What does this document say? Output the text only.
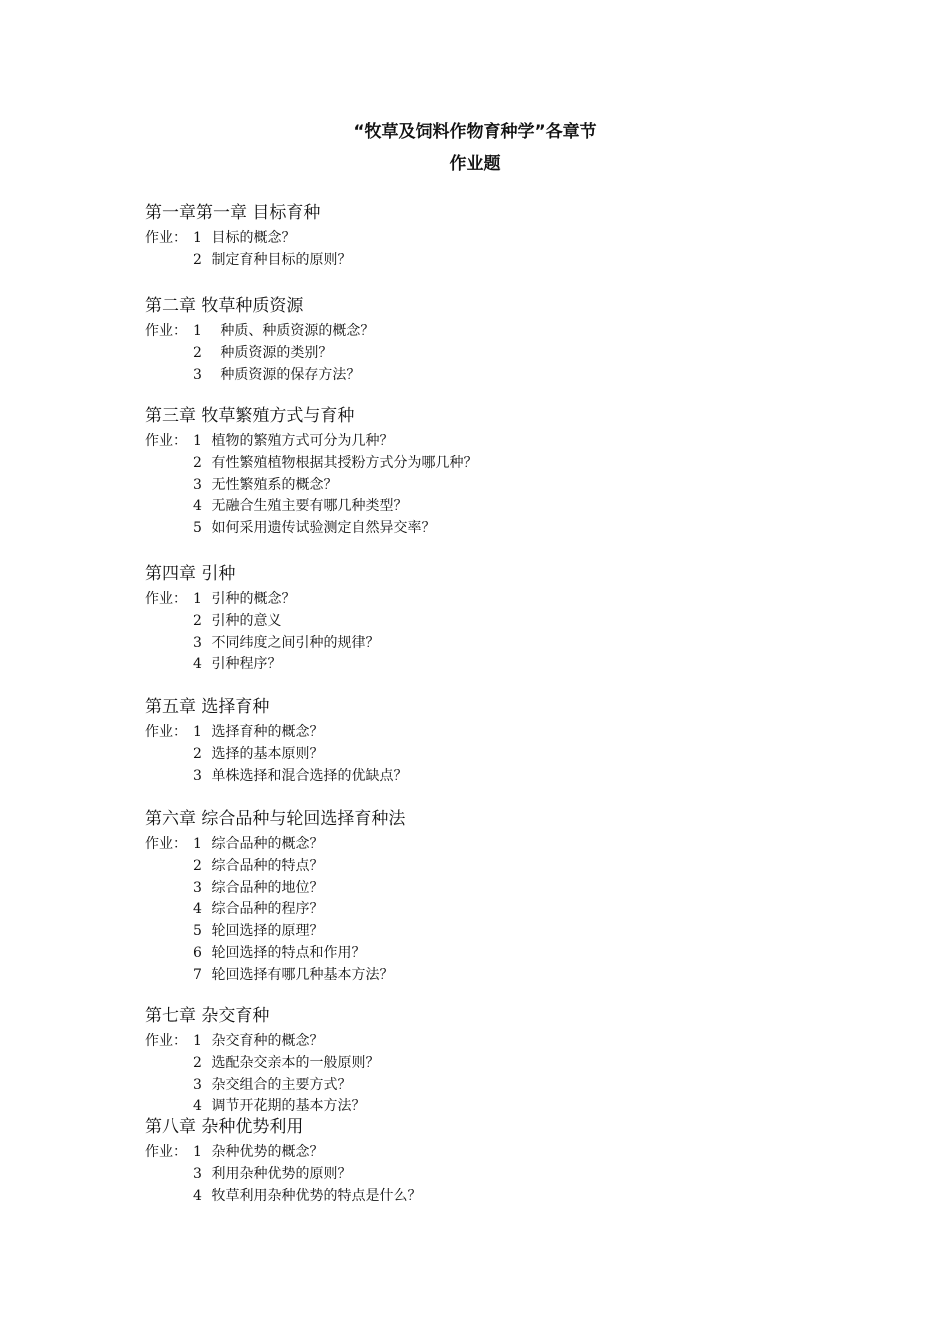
“牧草及饲料作物育种学”各章节
作业题
第一章第一章 目标育种
作业： 1 目标的概念？
2 制定育种目标的原则？
第二章 牧草种质资源
作业： 1   种质、种质资源的概念？
2   种质资源的类别？
3   种质资源的保存方法？
第三章 牧草繁殖方式与育种
作业： 1 植物的繁殖方式可分为几种？
2 有性繁殖植物根据其授粉方式分为哪几种？
3 无性繁殖系的概念？
4 无融合生殖主要有哪几种类型？
5 如何采用遗传试验测定自然异交率？
第四章 引种
作业： 1 引种的概念？
2 引种的意义
3 不同纬度之间引种的规律？
4 引种程序？
第五章 选择育种
作业： 1 选择育种的概念？
2 选择的基本原则？
3 单株选择和混合选择的优缺点？
第六章 综合品种与轮回选择育种法
作业： 1 综合品种的概念？
2 综合品种的特点？
3 综合品种的地位？
4 综合品种的程序？
5 轮回选择的原理？
6 轮回选择的特点和作用？
7 轮回选择有哪几种基本方法？
第七章 杂交育种
作业： 1 杂交育种的概念？
2 选配杂交亲本的一般原则？
3 杂交组合的主要方式？
4 调节开花期的基本方法？
第八章 杂种优势利用
作业： 1 杂种优势的概念？
3 利用杂种优势的原则？
4 牧草利用杂种优势的特点是什么？
